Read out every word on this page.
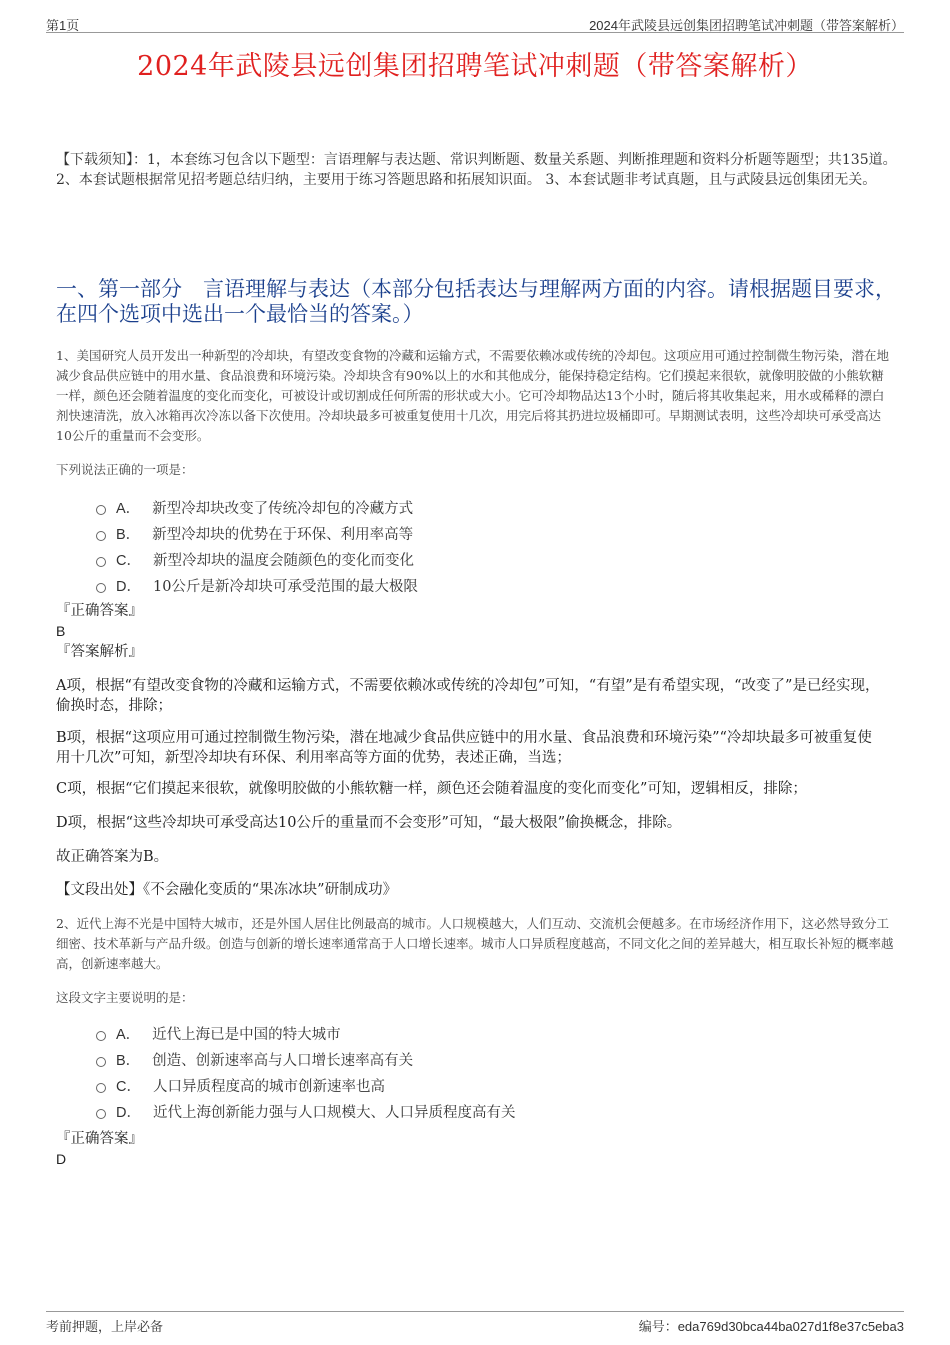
第1页	2024年武陵县远创集团招聘笔试冲刺题（带答案解析）
2024年武陵县远创集团招聘笔试冲刺题（带答案解析）
【下载须知】：1，本套练习包含以下题型：言语理解与表达题、常识判断题、数量关系题、判断推理题和资料分析题等题型；共135道。 2、本套试题根据常见招考题总结归纳，主要用于练习答题思路和拓展知识面。 3、本套试题非考试真题，且与武陵县远创集团无关。
一、第一部分　言语理解与表达（本部分包括表达与理解两方面的内容。请根据题目要求，在四个选项中选出一个最恰当的答案。）
1、美国研究人员开发出一种新型的冷却块，有望改变食物的冷藏和运输方式，不需要依赖冰或传统的冷却包。这项应用可通过控制微生物污染，潜在地减少食品供应链中的用水量、食品浪费和环境污染。冷却块含有90%以上的水和其他成分，能保持稳定结构。它们摸起来很软，就像明胶做的小熊软糖一样，颜色还会随着温度的变化而变化，可被设计或切割成任何所需的形状或大小。它可冷却物品达13个小时，随后将其收集起来，用水或稀释的漂白剂快速清洗，放入冰箱再次冷冻以备下次使用。冷却块最多可被重复使用十几次，用完后将其扔进垃圾桶即可。早期测试表明，这些冷却块可承受高达10公斤的重量而不会变形。
下列说法正确的一项是：
A． 新型冷却块改变了传统冷却包的冷藏方式
B． 新型冷却块的优势在于环保、利用率高等
C． 新型冷却块的温度会随颜色的变化而变化
D． 10公斤是新冷却块可承受范围的最大极限
『正确答案』
B
『答案解析』
A项，根据“有望改变食物的冷藏和运输方式，不需要依赖冰或传统的冷却包”可知，“有望”是有希望实现，“改变了”是已经实现，偷换时态，排除；
B项，根据“这项应用可通过控制微生物污染，潜在地减少食品供应链中的用水量、食品浪费和环境污染”“冷却块最多可被重复使用十几次”可知，新型冷却块有环保、利用率高等方面的优势，表述正确，当选；
C项，根据“它们摸起来很软，就像明胶做的小熊软糖一样，颜色还会随着温度的变化而变化”可知，逻辑相反，排除；
D项，根据“这些冷却块可承受高达10公斤的重量而不会变形”可知，“最大极限”偷换概念，排除。
故正确答案为B。
【文段出处】《不会融化变质的“果冻冰块”研制成功》
2、近代上海不光是中国特大城市，还是外国人居住比例最高的城市。人口规模越大，人们互动、交流机会便越多。在市场经济作用下，这必然导致分工细密、技术革新与产品升级。创造与创新的增长速率通常高于人口增长速率。城市人口异质程度越高，不同文化之间的差异越大，相互取长补短的概率越高，创新速率越大。
这段文字主要说明的是：
A． 近代上海已是中国的特大城市
B． 创造、创新速率高与人口增长速率高有关
C． 人口异质程度高的城市创新速率也高
D． 近代上海创新能力强与人口规模大、人口异质程度高有关
『正确答案』
D
考前押题，上岸必备	编号：eda769d30bca44ba027d1f8e37c5eba3
